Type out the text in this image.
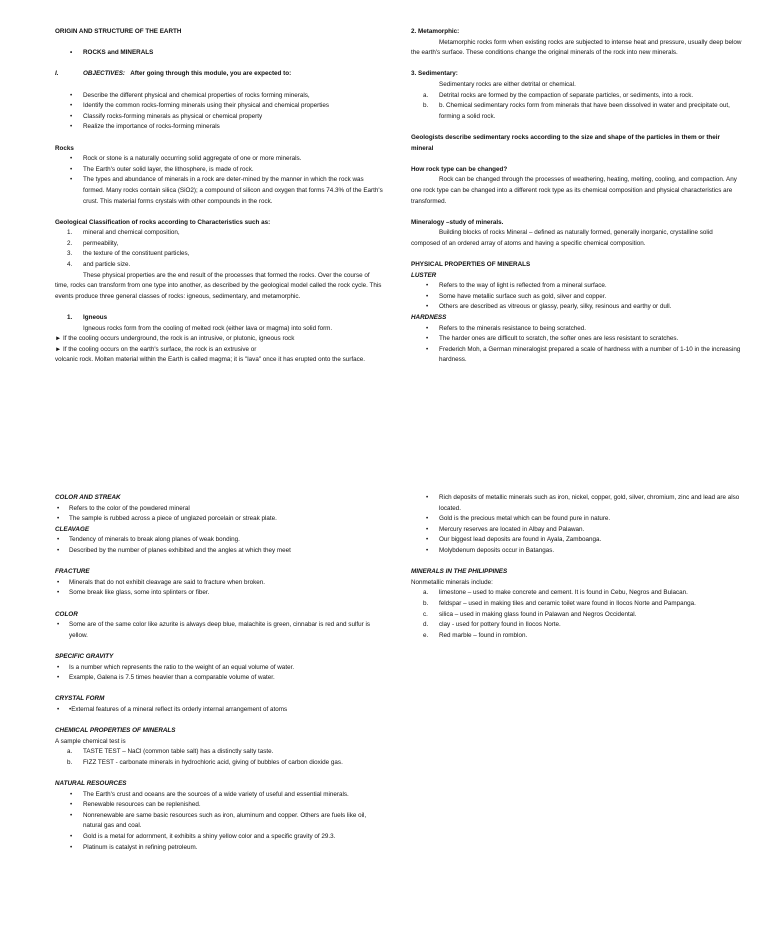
ORIGIN AND STRUCTURE OF THE EARTH

• ROCKS and MINERALS

I.	OBJECTIVES: After going through this module, you are expected to:

• Describe the different physical and chemical properties of rocks forming minerals,

• Identify the common rocks-forming minerals using their physical and chemical properties

• Classify rocks-forming minerals as physical or chemical property

• Realize the importance of rocks-forming minerals

Rocks

• Rock or stone is a naturally occurring solid aggregate of one or more minerals.

• The Earth's outer solid layer, the lithosphere, is made of rock.

• The types and abundance of minerals in a rock are deter-mined by the manner in which the rock was formed. Many rocks contain silica (SiO2); a compound of silicon and oxygen that forms 74.3% of the Earth's crust. This material forms crystals with other compounds in the rock.

Geological Classification of rocks according to Characteristics such as:

1. mineral and chemical composition,

2. permeability,

3. the texture of the constituent particles,

4. and particle size.

These physical properties are the end result of the processes that formed the rocks. Over the course of time, rocks can transform from one type into another, as described by the geological model called the rock cycle. This events produce three general classes of rocks: igneous, sedimentary, and metamorphic.

1. Igneous

Igneous rocks form from the cooling of melted rock (either lava or magma) into solid form.

► If the cooling occurs underground, the rock is an intrusive, or plutonic, igneous rock

► If the cooling occurs on the earth's surface, the rock is an extrusive or

volcanic rock. Molten material within the Earth is called magma; it is "lava" once it has erupted onto the surface.

2. Metamorphic:

Metamorphic rocks form when existing rocks are subjected to intense heat and pressure, usually deep below the earth's surface. These conditions change the original minerals of the rock into new minerals.

3. Sedimentary:

Sedimentary rocks are either detrital or chemical.

a. Detrital rocks are formed by the compaction of separate particles, or sediments, into a rock.

b. b. Chemical sedimentary rocks form from minerals that have been dissolved in water and precipitate out, forming a solid rock.

Geologists describe sedimentary rocks according to the size and shape of the particles in them or their mineral

How rock type can be changed?

Rock can be changed through the processes of weathering, heating, melting, cooling, and compaction. Any one rock type can be changed into a different rock type as its chemical composition and physical characteristics are transformed.

Mineralogy –study of minerals.

Building blocks of rocks Mineral – defined as naturally formed, generally inorganic, crystalline solid composed of an ordered array of atoms and having a specific chemical composition.

PHYSICAL PROPERTIES OF MINERALS

LUSTER

• Refers to the way of light is reflected from a mineral surface.

• Some have metallic surface such as gold, silver and copper.

• Others are described as vitreous or glassy, pearly, silky, resinous and earthy or dull.

HARDNESS

• Refers to the minerals resistance to being scratched.

• The harder ones are difficult to scratch, the softer ones are less resistant to scratches.

• Frederich Moh, a German mineralogist prepared a scale of hardness with a number of 1-10 in the increasing hardness.

COLOR AND STREAK

• Refers to the color of the powdered mineral

• The sample is rubbed across a piece of unglazed porcelain or streak plate.

CLEAVAGE

• Tendency of minerals to break along planes of weak bonding.

• Described by the number of planes exhibited and the angles at which they meet

FRACTURE

• Minerals that do not exhibit cleavage are said to fracture when broken.

• Some break like glass, some into splinters or fiber.

COLOR

• Some are of the same color like azurite is always deep blue, malachite is green, cinnabar is red and sulfur is yellow.

SPECIFIC GRAVITY

• Is a number which represents the ratio to the weight of an equal volume of water.

• Example, Galena is 7.5 times heavier than a comparable volume of water.

CRYSTAL FORM

• •External features of a mineral reflect its orderly internal arrangement of atoms

CHEMICAL PROPERTIES OF MINERALS

A sample chemical test is

a. TASTE TEST – NaCl (common table salt) has a distinctly salty taste.

b. FIZZ TEST - carbonate minerals in hydrochloric acid, giving of bubbles of carbon dioxide gas.

NATURAL RESOURCES

• The Earth's crust and oceans are the sources of a wide variety of useful and essential minerals.

• Renewable resources can be replenished.

• Nonrenewable are same basic resources such as iron, aluminum and copper. Others are fuels like oil, natural gas and coal.

• Gold is a metal for adornment, it exhibits a shiny yellow color and a specific gravity of 29.3.

• Platinum is catalyst in refining petroleum.

• Rich deposits of metallic minerals such as iron, nickel, copper, gold, silver, chromium, zinc and lead are also located.

• Gold is the precious metal which can be found pure in nature.

• Mercury reserves are located in Albay and Palawan.

• Our biggest lead deposits are found in Ayala, Zamboanga.

• Molybdenum deposits occur in Batangas.

MINERALS IN THE PHILIPPINES

Nonmetallic minerals include:

a. limestone – used to make concrete and cement. It is found in Cebu, Negros and Bulacan.

b. feldspar – used in making tiles and ceramic toilet ware found in Ilocos Norte and Pampanga.

c. silica – used in making glass found in Palawan and Negros Occidental.

d. clay - used for pottery found in Ilocos Norte.

e. Red marble – found in romblon.
